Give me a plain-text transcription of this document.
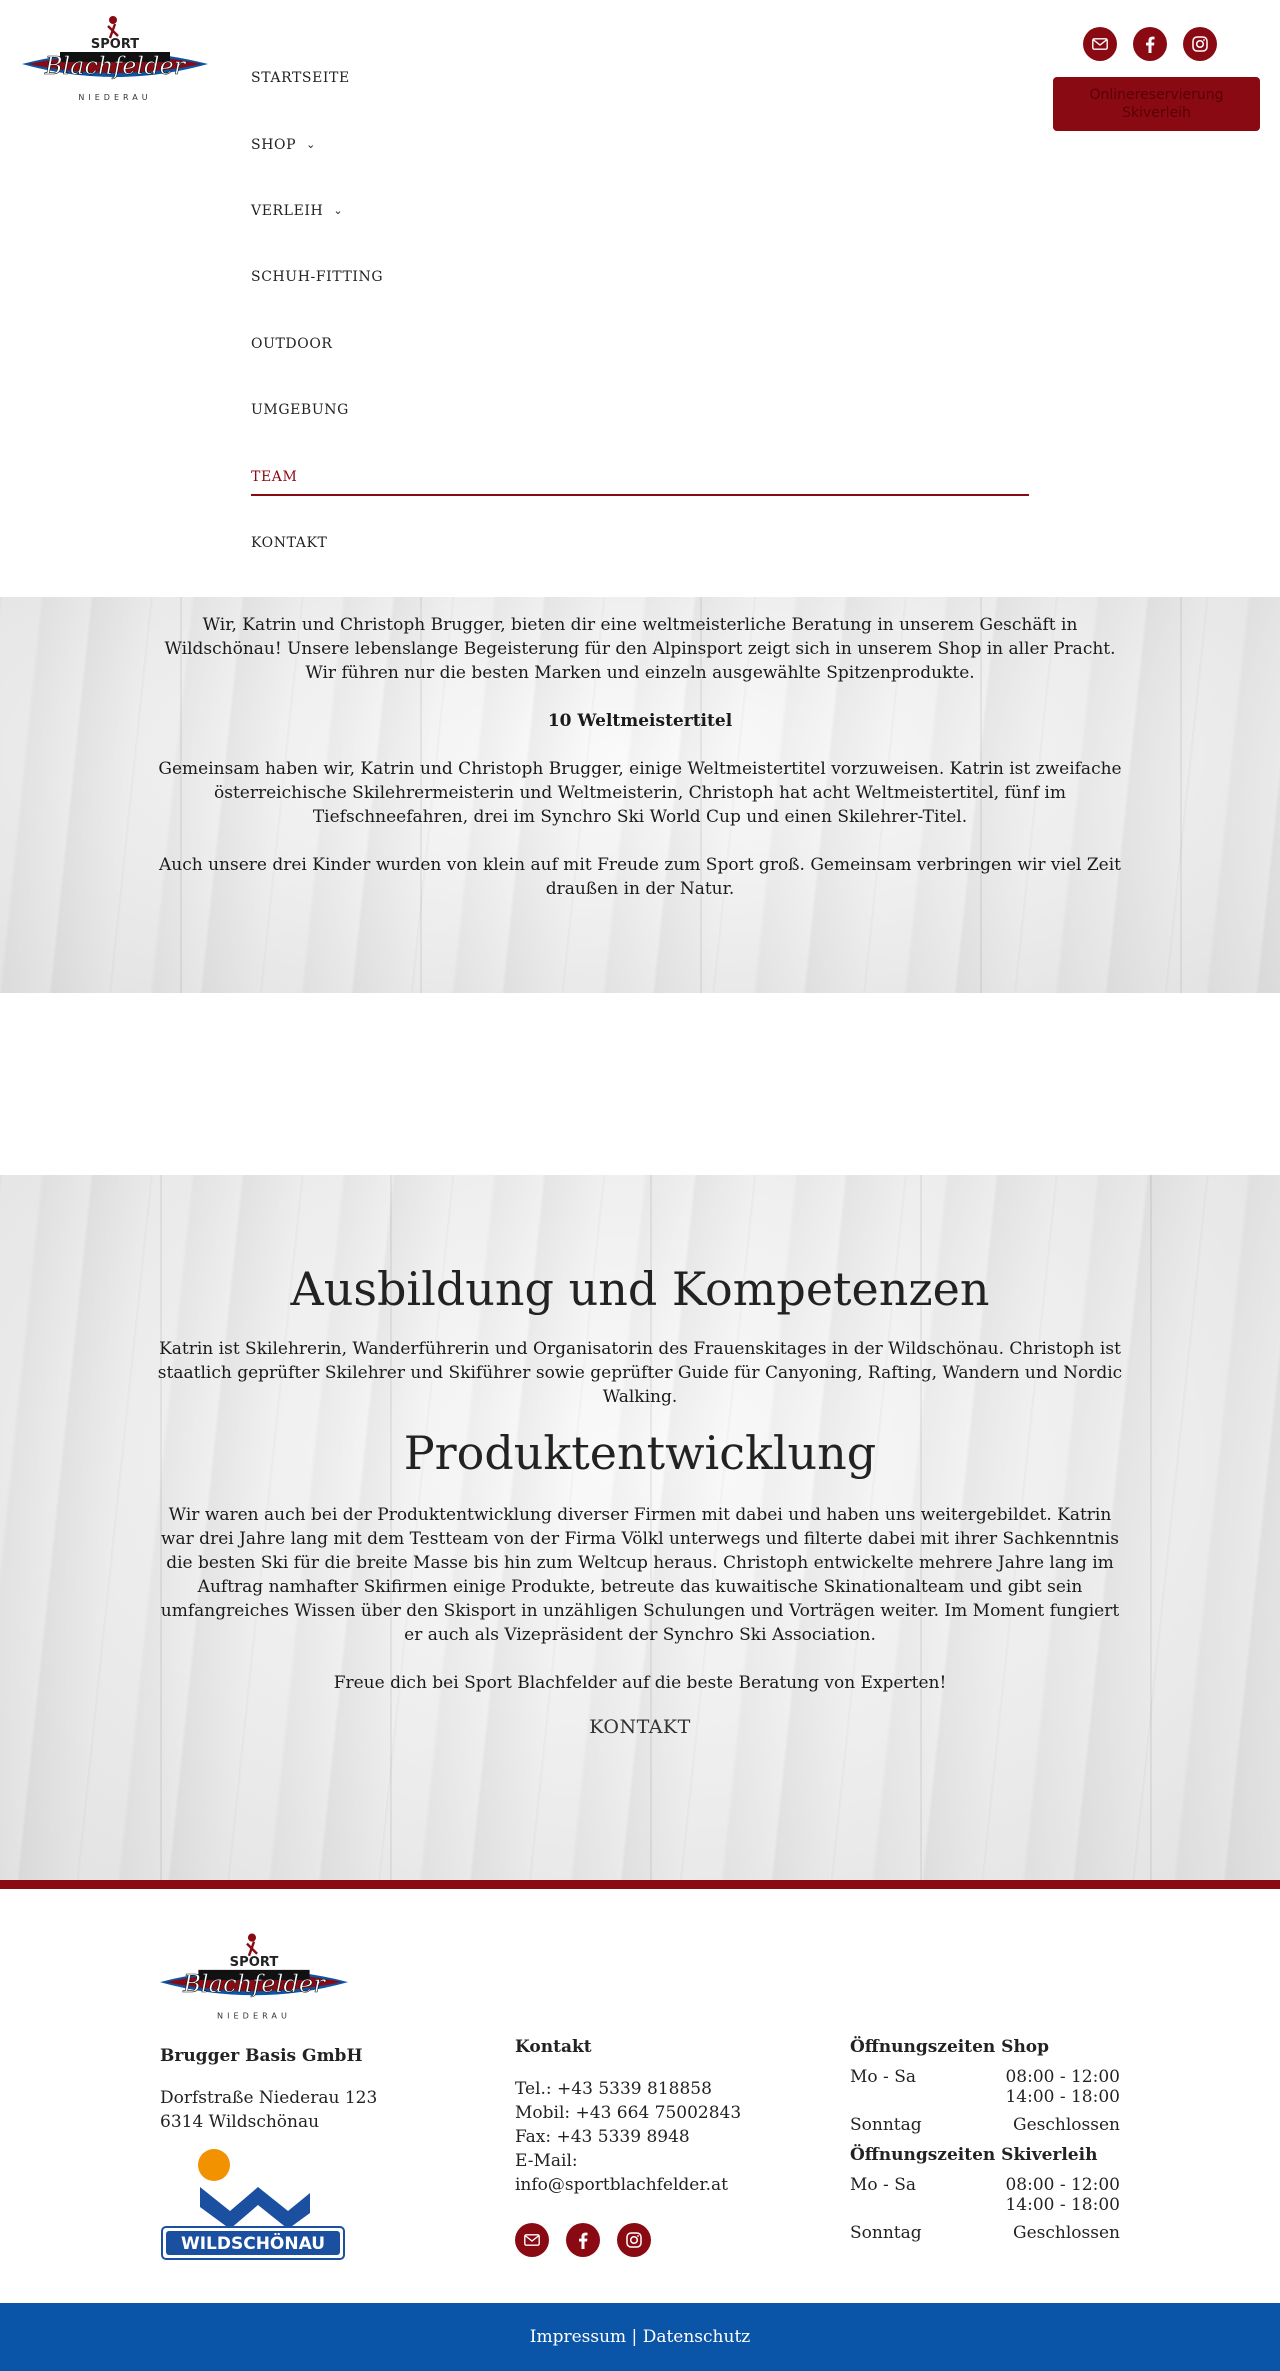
SPORT
Blachfelder
NIEDERAU
STARTSEITE
SHOP ⌄
VERLEIH ⌄
SCHUH-FITTING
OUTDOOR
UMGEBUNG
TEAM
KONTAKT
Onlinereservierung Skiverleih

Wir, Katrin und Christoph Brugger, bieten dir eine weltmeisterliche Beratung in unserem Geschäft in Wildschönau! Unsere lebenslange Begeisterung für den Alpinsport zeigt sich in unserem Shop in aller Pracht. Wir führen nur die besten Marken und einzeln ausgewählte Spitzenprodukte.

10 Weltmeistertitel

Gemeinsam haben wir, Katrin und Christoph Brugger, einige Weltmeistertitel vorzuweisen. Katrin ist zweifache österreichische Skilehrermeisterin und Weltmeisterin, Christoph hat acht Weltmeistertitel, fünf im Tiefschneefahren, drei im Synchro Ski World Cup und einen Skilehrer-Titel.

Auch unsere drei Kinder wurden von klein auf mit Freude zum Sport groß. Gemeinsam verbringen wir viel Zeit draußen in der Natur.

Ausbildung und Kompetenzen

Katrin ist Skilehrerin, Wanderführerin und Organisatorin des Frauenskitages in der Wildschönau. Christoph ist staatlich geprüfter Skilehrer und Skiführer sowie geprüfter Guide für Canyoning, Rafting, Wandern und Nordic Walking.

Produktentwicklung

Wir waren auch bei der Produktentwicklung diverser Firmen mit dabei und haben uns weitergebildet. Katrin war drei Jahre lang mit dem Testteam von der Firma Völkl unterwegs und filterte dabei mit ihrer Sachkenntnis die besten Ski für die breite Masse bis hin zum Weltcup heraus. Christoph entwickelte mehrere Jahre lang im Auftrag namhafter Skifirmen einige Produkte, betreute das kuwaitische Skinationalteam und gibt sein umfangreiches Wissen über den Skisport in unzähligen Schulungen und Vorträgen weiter. Im Moment fungiert er auch als Vizepräsident der Synchro Ski Association.

Freue dich bei Sport Blachfelder auf die beste Beratung von Experten!

KONTAKT
SPORT
Blachfelder
NIEDERAU
Brugger Basis GmbH
Dorfstraße Niederau 123
6314 Wildschönau
WILDSCHÖNAU
Kontakt
Tel.: +43 5339 818858
Mobil: +43 664 75002843
Fax: +43 5339 8948
E-Mail:
info@sportblachfelder.at
Öffnungszeiten Shop
Mo - Sa	08:00 - 12:00
14:00 - 18:00
Sonntag	Geschlossen
Öffnungszeiten Skiverleih
Mo - Sa	08:00 - 12:00
14:00 - 18:00
Sonntag	Geschlossen
Impressum | Datenschutz
